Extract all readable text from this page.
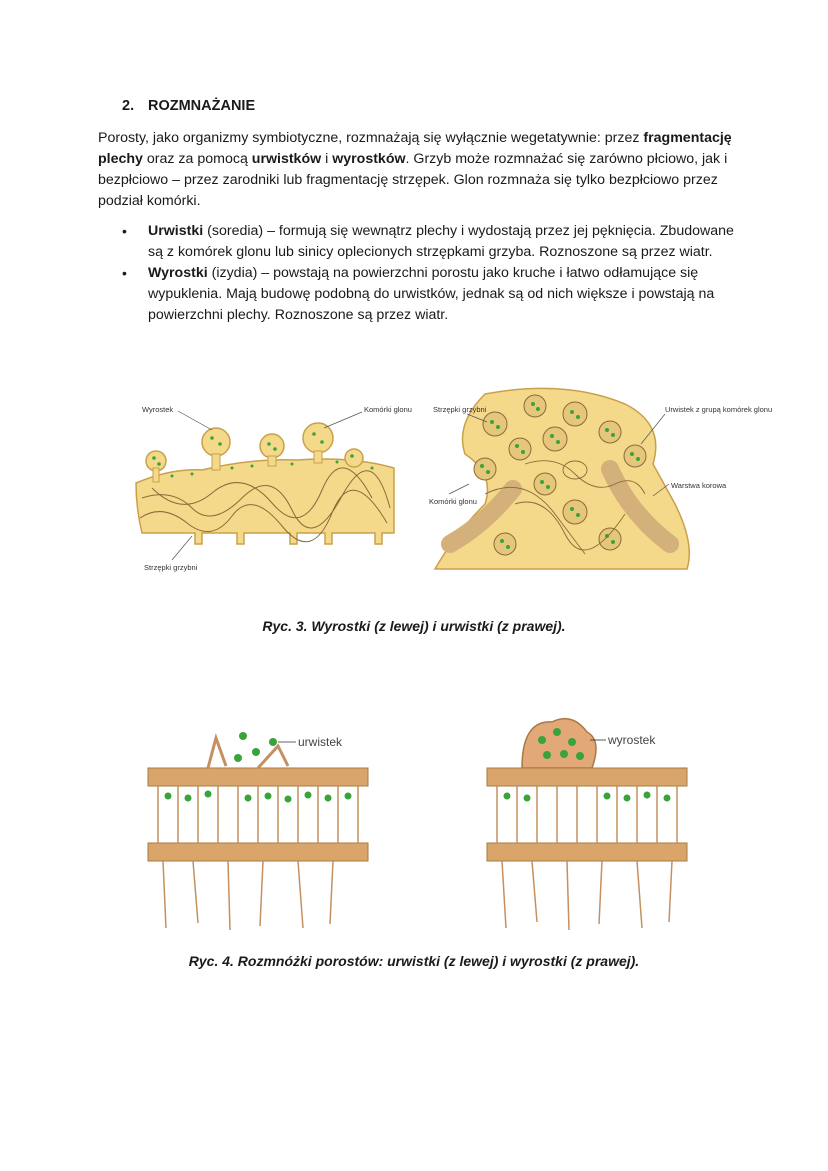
2. ROZMNAŻANIE
Porosty, jako organizmy symbiotyczne, rozmnażają się wyłącznie wegetatywnie: przez fragmentację plechy oraz za pomocą urwistków i wyrostków. Grzyb może rozmnażać się zarówno płciowo, jak i bezpłciowo – przez zarodniki lub fragmentację strzępek. Glon rozmnaża się tylko bezpłciowo przez podział komórki.
• Urwistki (soredia) – formują się wewnątrz plechy i wydostają przez jej pęknięcia. Zbudowane są z komórek glonu lub sinicy oplecionych strzępkami grzyba. Roznoszone są przez wiatr.
• Wyrostki (izydia) – powstają na powierzchni porostu jako kruche i łatwo odłamujące się wypuklenia. Mają budowę podobną do urwistków, jednak są od nich większe i powstają na powierzchni plechy. Roznoszone są przez wiatr.
Wyrostek	Komórki glonu
Strzępki grzybni
Strzępki grzybni	Urwistek z grupą komórek glonu
Warstwa korowa
Komórki glonu
Ryc. 3. Wyrostki (z lewej) i urwistki (z prawej).
urwistek	wyrostek
Ryc. 4. Rozmnóżki porostów: urwistki (z lewej) i wyrostki (z prawej).
